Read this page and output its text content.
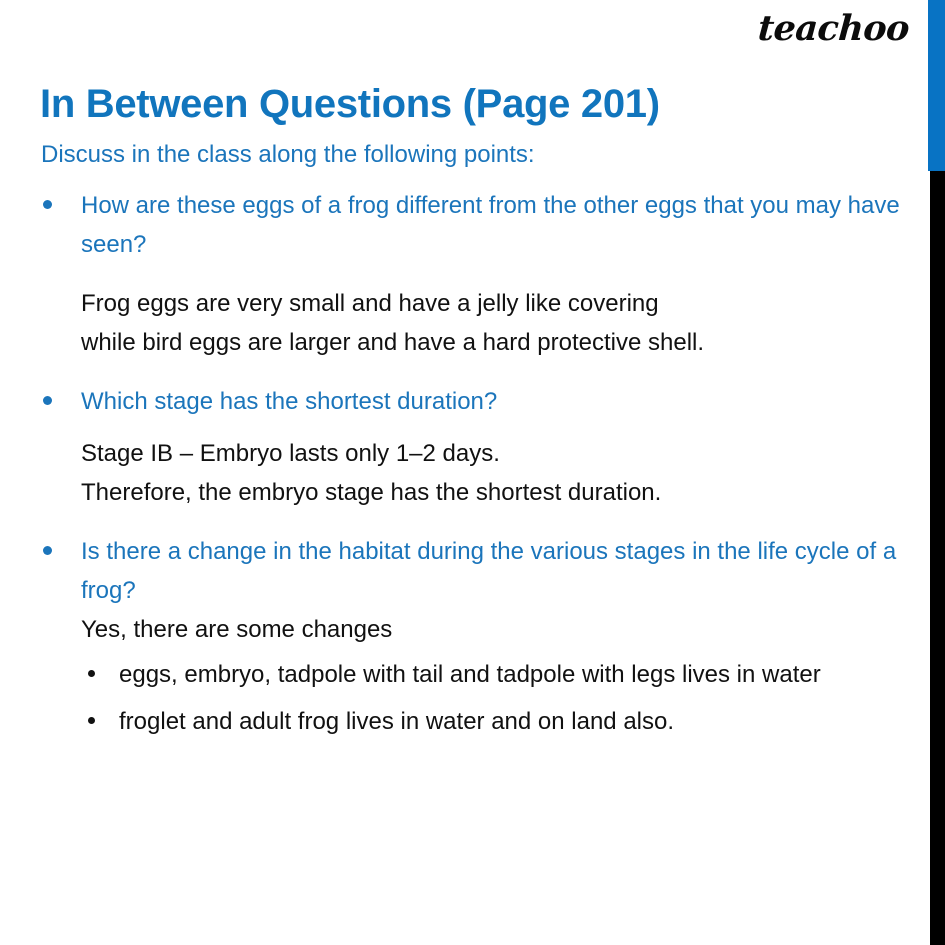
teachoo
In Between Questions (Page 201)

Discuss in the class along the following points:

How are these eggs of a frog different from the other eggs that you may have seen?

Frog eggs are very small and have a jelly like covering

while bird eggs are larger and have a hard protective shell.

Which stage has the shortest duration?

Stage IB – Embryo lasts only 1–2 days.

Therefore, the embryo stage has the shortest duration.

Is there a change in the habitat during the various stages in the life cycle of a frog?

Yes, there are some changes

eggs, embryo, tadpole with tail and tadpole with legs lives in water
froglet and adult frog lives in water and on land also.
